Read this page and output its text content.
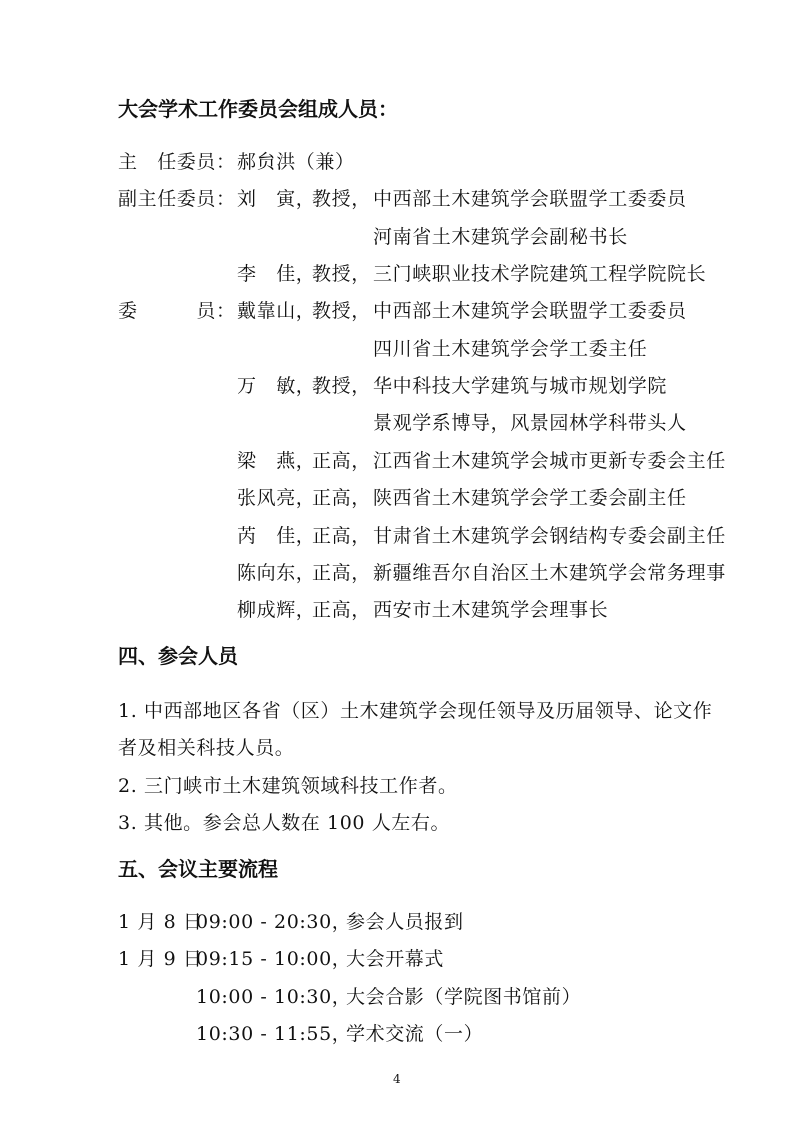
大会学术工作委员会组成人员：
主　任委员： 郝贠洪（兼）
副主任委员： 刘　寅，
教授， 中西部土木建筑学会联盟学工委委员
河南省土木建筑学会副秘书长
李　佳，
教授， 三门峡职业技术学院建筑工程学院院长
委　　　员： 戴靠山，
教授， 中西部土木建筑学会联盟学工委委员
四川省土木建筑学会学工委主任
万　敏，
教授， 华中科技大学建筑与城市规划学院
景观学系博导，风景园林学科带头人
梁　燕，
正高， 江西省土木建筑学会城市更新专委会主任
张风亮，
正高， 陕西省土木建筑学会学工委会副主任
芮　佳，
正高， 甘肃省土木建筑学会钢结构专委会副主任
陈向东，
正高， 新疆维吾尔自治区土木建筑学会常务理事
柳成辉，
正高， 西安市土木建筑学会理事长
四、参会人员
1. 中西部地区各省（区）土木建筑学会现任领导及历届领导、论文作
者及相关科技人员。
2. 三门峡市土木建筑领域科技工作者。
3. 其他。参会总人数在 100 人左右。
五、会议主要流程
1 月 8 日
09:00 - 20:30，
参会人员报到
1 月 9 日
09:15 - 10:00，
大会开幕式
10:00 - 10:30，
大会合影（学院图书馆前）
10:30 - 11:55，
学术交流（一）
4
